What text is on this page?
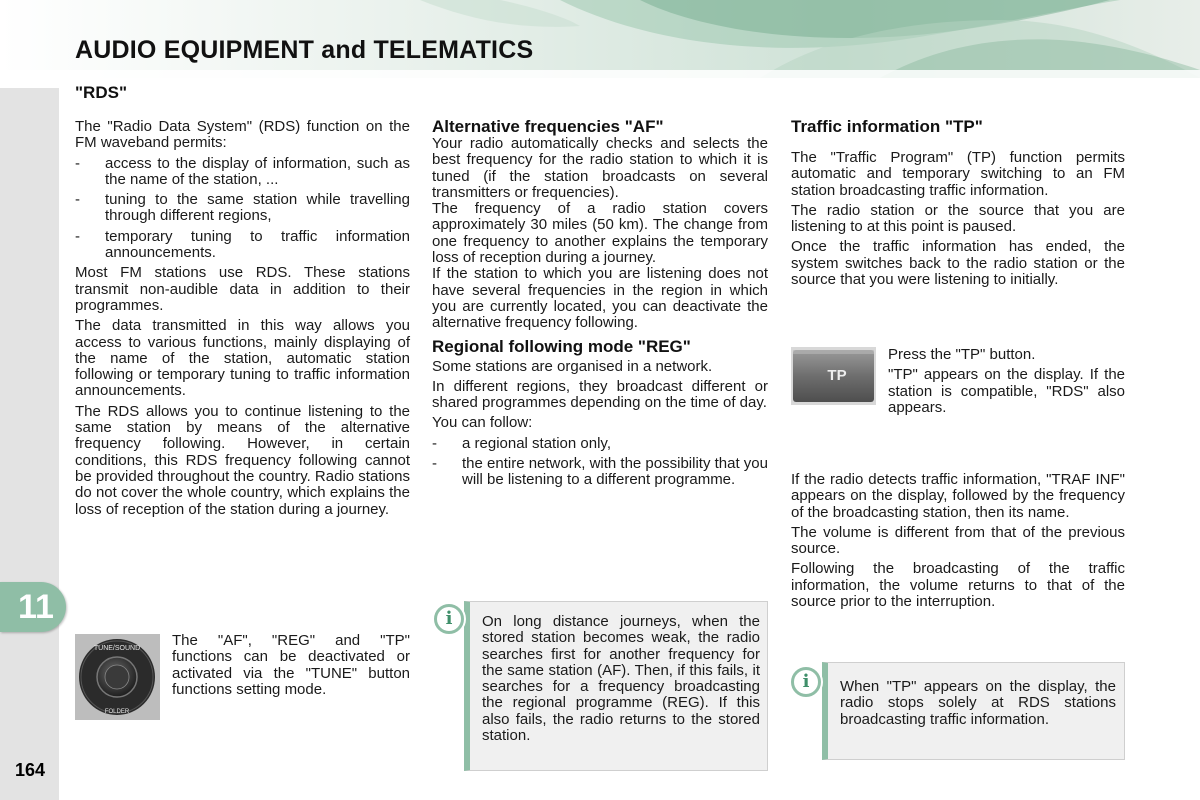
AUDIO EQUIPMENT and TELEMATICS
11
164
"RDS"

The "Radio Data System" (RDS) function on the FM waveband permits:

- access to the display of information, such as the name of the station, ...
- tuning to the same station while travelling through different regions,
- temporary tuning to traffic information announcements.

Most FM stations use RDS. These stations transmit non-audible data in addition to their programmes.

The data transmitted in this way allows you access to various functions, mainly displaying of the name of the station, automatic station following or temporary tuning to traffic information announcements.

The RDS allows you to continue listening to the same station by means of the alternative frequency following. However, in certain conditions, this RDS frequency following cannot be provided throughout the country. Radio stations do not cover the whole country, which explains the loss of reception of the station during a journey.

TUNE/SOUND
FOLDER
The "AF", "REG" and "TP" functions can be deactivated or activated via the "TUNE" button functions setting mode.
Alternative frequencies "AF"

Your radio automatically checks and selects the best frequency for the radio station to which it is tuned (if the station broadcasts on several transmitters or frequencies).

The frequency of a radio station covers approximately 30 miles (50 km). The change from one frequency to another explains the temporary loss of reception during a journey.

If the station to which you are listening does not have several frequencies in the region in which you are currently located, you can deactivate the alternative frequency following.

Regional following mode "REG"

Some stations are organised in a network.

In different regions, they broadcast different or shared programmes depending on the time of day.

You can follow:

- a regional station only,
- the entire network, with the possibility that you will be listening to a different programme.
On long distance journeys, when the stored station becomes weak, the radio searches first for another frequency for the same station (AF). Then, if this fails, it searches for a frequency broadcasting the regional programme (REG). If this also fails, the radio returns to the stored station.
i
Traffic information "TP"

The "Traffic Program" (TP) function permits automatic and temporary switching to an FM station broadcasting traffic information.

The radio station or the source that you are listening to at this point is paused.

Once the traffic information has ended, the system switches back to the radio station or the source that you were listening to initially.

TP

Press the "TP" button.

"TP" appears on the display. If the station is compatible, "RDS" also appears.

If the radio detects traffic information, "TRAF INF" appears on the display, followed by the frequency of the broadcasting station, then its name.

The volume is different from that of the previous source.

Following the broadcasting of the traffic information, the volume returns to that of the source prior to the interruption.

When "TP" appears on the display, the radio stops solely at RDS stations broadcasting traffic information.
i
